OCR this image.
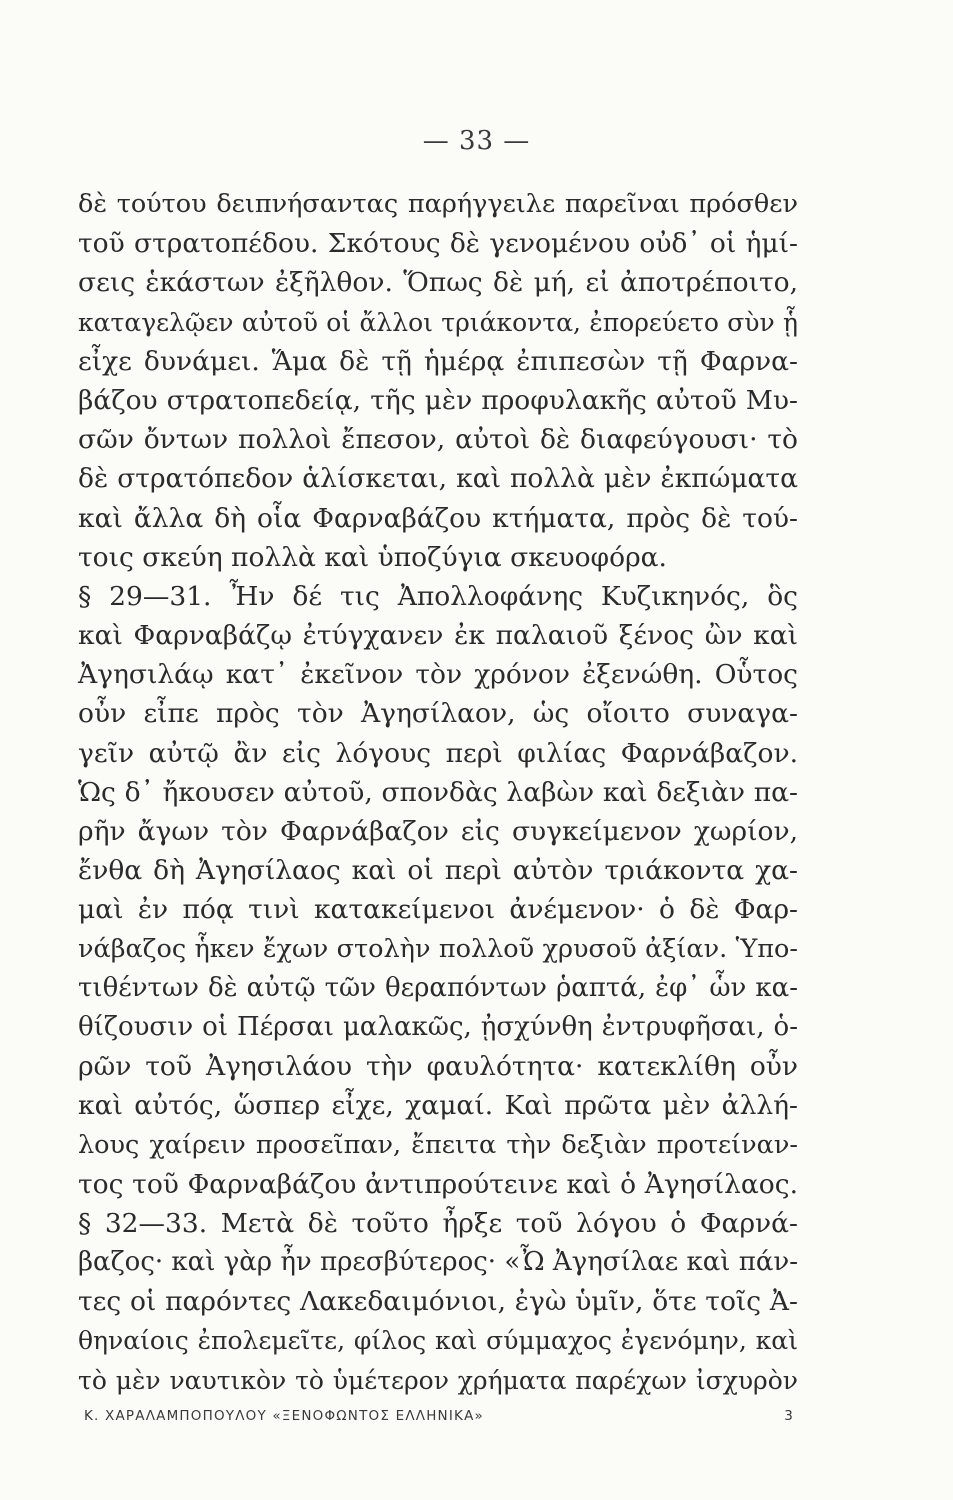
— 33 —
δὲ τούτου δειπνήσαντας παρήγγειλε παρεῖναι πρόσθεν
τοῦ στρατοπέδου. Σκότους δὲ γενομένου οὐδ᾽ οἱ ἡμί-
σεις ἑκάστων ἐξῆλθον. Ὅπως δὲ μή, εἰ ἀποτρέποιτο,
καταγελῷεν αὐτοῦ οἱ ἄλλοι τριάκοντα, ἐπορεύετο σὺν ᾗ
εἶχε δυνάμει. Ἅμα δὲ τῇ ἡμέρᾳ ἐπιπεσὼν τῇ Φαρνα-
βάζου στρατοπεδείᾳ, τῆς μὲν προφυλακῆς αὐτοῦ Μυ-
σῶν ὄντων πολλοὶ ἔπεσον, αὐτοὶ δὲ διαφεύγουσι· τὸ
δὲ στρατόπεδον ἁλίσκεται, καὶ πολλὰ μὲν ἐκπώματα
καὶ ἄλλα δὴ οἷα Φαρναβάζου κτήματα, πρὸς δὲ τού-
τοις σκεύη πολλὰ καὶ ὑποζύγια σκευοφόρα.
§ 29—31. Ἦν δέ τις Ἀπολλοφάνης Κυζικηνός, ὃς
καὶ Φαρναβάζῳ ἐτύγχανεν ἐκ παλαιοῦ ξένος ὢν καὶ
Ἀγησιλάῳ κατ᾽ ἐκεῖνον τὸν χρόνον ἐξενώθη. Οὗτος
οὖν εἶπε πρὸς τὸν Ἀγησίλαον, ὡς οἴοιτο συναγα-
γεῖν αὐτῷ ἂν εἰς λόγους περὶ φιλίας Φαρνάβαζον.
Ὡς δ᾽ ἤκουσεν αὐτοῦ, σπονδὰς λαβὼν καὶ δεξιὰν πα-
ρῆν ἄγων τὸν Φαρνάβαζον εἰς συγκείμενον χωρίον,
ἔνθα δὴ Ἀγησίλαος καὶ οἱ περὶ αὐτὸν τριάκοντα χα-
μαὶ ἐν πόᾳ τινὶ κατακείμενοι ἀνέμενον· ὁ δὲ Φαρ-
νάβαζος ἧκεν ἔχων στολὴν πολλοῦ χρυσοῦ ἀξίαν. Ὑπο-
τιθέντων δὲ αὐτῷ τῶν θεραπόντων ῥαπτά, ἐφ᾽ ὧν κα-
θίζουσιν οἱ Πέρσαι μαλακῶς, ᾐσχύνθη ἐντρυφῆσαι, ὁ-
ρῶν τοῦ Ἀγησιλάου τὴν φαυλότητα· κατεκλίθη οὖν
καὶ αὐτός, ὥσπερ εἶχε, χαμαί. Καὶ πρῶτα μὲν ἀλλή-
λους χαίρειν προσεῖπαν, ἔπειτα τὴν δεξιὰν προτείναν-
τος τοῦ Φαρναβάζου ἀντιπρούτεινε καὶ ὁ Ἀγησίλαος.
§ 32—33. Μετὰ δὲ τοῦτο ἦρξε τοῦ λόγου ὁ Φαρνά-
βαζος· καὶ γὰρ ἦν πρεσβύτερος· «Ὦ Ἀγησίλαε καὶ πάν-
τες οἱ παρόντες Λακεδαιμόνιοι, ἐγὼ ὑμῖν, ὅτε τοῖς Ἀ-
θηναίοις ἐπολεμεῖτε, φίλος καὶ σύμμαχος ἐγενόμην, καὶ
τὸ μὲν ναυτικὸν τὸ ὑμέτερον χρήματα παρέχων ἰσχυρὸν
Κ. ΧΑΡΑΛΑΜΠΟΠΟΥΛΟΥ «ΞΕΝΟΦΩΝΤΟΣ ΕΛΛΗΝΙΚΑ»	3
